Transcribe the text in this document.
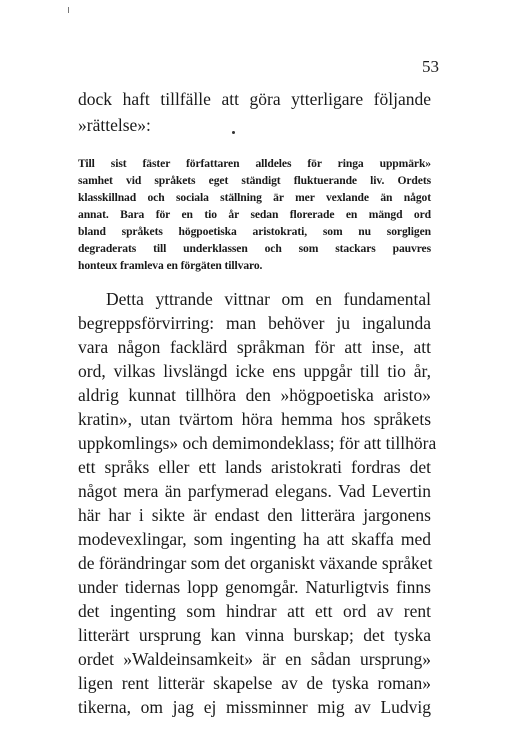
53
dock haft tillfälle att göra ytterligare följande
»rättelse»:
Till sist fäster författaren alldeles för ringa uppmärk»
samhet vid språkets eget ständigt fluktuerande liv. Ordets
klasskillnad och sociala ställning är mer vexlande än något
annat. Bara för en tio år sedan florerade en mängd ord
bland språkets högpoetiska aristokrati, som nu sorgligen
degraderats till underklassen och som stackars pauvres
honteux framleva en förgäten tillvaro.
Detta yttrande vittnar om en fundamental
begreppsförvirring: man behöver ju ingalunda
vara någon facklärd språkman för att inse, att
ord, vilkas livslängd icke ens uppgår till tio år,
aldrig kunnat tillhöra den »högpoetiska aristo»
kratin», utan tvärtom höra hemma hos språkets
uppkomlings» och demimondeklass; för att tillhöra
ett språks eller ett lands aristokrati fordras det
något mera än parfymerad elegans. Vad Levertin
här har i sikte är endast den litterära jargonens
modevexlingar, som ingenting ha att skaffa med
de förändringar som det organiskt växande språket
under tidernas lopp genomgår. Naturligtvis finns
det ingenting som hindrar att ett ord av rent
litterärt ursprung kan vinna burskap; det tyska
ordet »Waldeinsamkeit» är en sådan ursprung»
ligen rent litterär skapelse av de tyska roman»
tikerna, om jag ej missminner mig av Ludvig
